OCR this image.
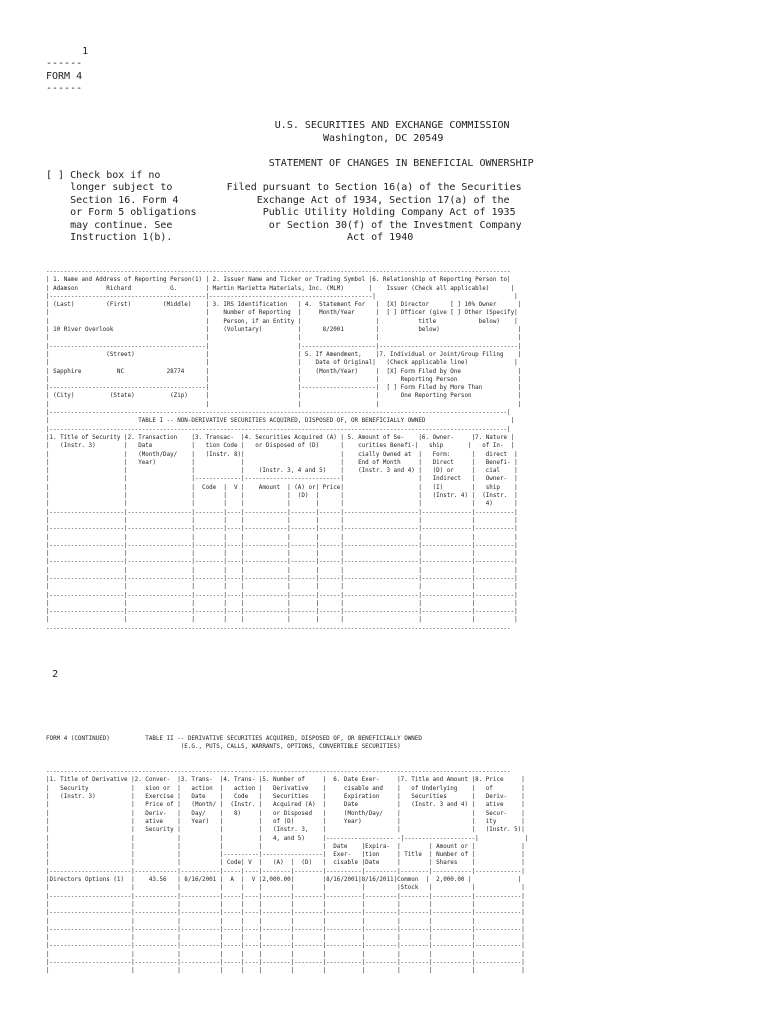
1
------
FORM 4
------

U.S. SECURITIES AND EXCHANGE COMMISSION
Washington, DC 20549

STATEMENT OF CHANGES IN BENEFICIAL OWNERSHIP
[ ] Check box if no
longer subject to         Filed pursuant to Section 16(a) of the Securities
Section 16. Form 4             Exchange Act of 1934, Section 17(a) of the
or Form 5 obligations           Public Utility Holding Company Act of 1935
may continue. See                or Section 30(f) of the Investment Company
Instruction 1(b).                             Act of 1940
-----------------------------------------------------------------------------------------------------------------------------------
| 1. Name and Address of Reporting Person(1) | 2. Issuer Name and Ticker or Trading Symbol |6. Relationship of Reporting Person to|
| Adamson        Richard           G.        | Martin Marietta Materials, Inc. (MLM)       |    Issuer (Check all applicable)      |
|--------------------------------------------|----------------------------------------------|                                       |
| (Last)         (First)         (Middle)    | 3. IRS Identification   | 4.  Statement For   |  [X] Director      [ ] 10% Owner      |
|                                            |    Number of Reporting  |     Month/Year      |  [ ] Officer (give [ ] Other (Specify|
|                                            |    Person, if an Entity |                     |           title            below)    |
| 10 River Overlook                          |    (Voluntary)          |      8/2001         |           below)                      |
|                                            |                         |                     |                                       |
|--------------------------------------------|                         |---------------------|---------------------------------------|
|                (Street)                    |                         | 5. If Amendment,    |7. Individual or Joint/Group Filing    |
|                                            |                         |    Date of Original|   (Check applicable line)             |
| Sapphire          NC            28774      |                         |    (Month/Year)     |  [X] Form Filed by One                |
|                                            |                         |                     |      Reporting Person                 |
|--------------------------------------------|                         |---------------------|  [ ] Form Filed by More Than          |
| (City)          (State)          (Zip)     |                         |                     |      One Reporting Person             |
|                                            |                         |                     |                                       |
|---------------------------------------------------------------------------------------------------------------------------------|
|                         TABLE I -- NON-DERIVATIVE SECURITIES ACQUIRED, DISPOSED OF, OR BENEFICIALLY OWNED                        |
|---------------------------------------------------------------------------------------------------------------------------------|
|1. Title of Security |2. Transaction    |3. Transac-  |4. Securities Acquired (A) | 5. Amount of Se-    |6. Owner-     |7. Nature |
|   (Instr. 3)        |   Date           |   tion Code |   or Disposed of (D)      |    curities Benefi-|   ship       |   of In-  |
|                     |   (Month/Day/    |   (Instr. 8)|                           |    cially Owned at  |   Form:      |   direct  |
|                     |   Year)          |             |                           |    End of Month     |   Direct     |   Benefi- |
|                     |                  |             |    (Instr. 3, 4 and 5)    |    (Instr. 3 and 4) |   (D) or     |   cial    |
|                     |                  |-------------|---------------------------|                     |   Indirect   |   Owner-  |
|                     |                  |  Code  |  V |    Amount  | (A) or| Price|                     |   (I)        |   ship    |
|                     |                  |        |    |            |  (D)  |      |                     |   (Instr. 4) |  (Instr.  |
|                     |                  |        |    |            |       |      |                     |              |   4)      |
|---------------------|------------------|--------|----|------------|-------|------|---------------------|--------------|-----------|
|                     |                  |        |    |            |       |      |                     |              |           |
|---------------------|------------------|--------|----|------------|-------|------|---------------------|--------------|-----------|
|                     |                  |        |    |            |       |      |                     |              |           |
|---------------------|------------------|--------|----|------------|-------|------|---------------------|--------------|-----------|
|                     |                  |        |    |            |       |      |                     |              |           |
|---------------------|------------------|--------|----|------------|-------|------|---------------------|--------------|-----------|
|                     |                  |        |    |            |       |      |                     |              |           |
|---------------------|------------------|--------|----|------------|-------|------|---------------------|--------------|-----------|
|                     |                  |        |    |            |       |      |                     |              |           |
|---------------------|------------------|--------|----|------------|-------|------|---------------------|--------------|-----------|
|                     |                  |        |    |            |       |      |                     |              |           |
|---------------------|------------------|--------|----|------------|-------|------|---------------------|--------------|-----------|
|                     |                  |        |    |            |       |      |                     |              |           |
-----------------------------------------------------------------------------------------------------------------------------------
2
FORM 4 (CONTINUED)          TABLE II -- DERIVATIVE SECURITIES ACQUIRED, DISPOSED OF, OR BENEFICIALLY OWNED
(E.G., PUTS, CALLS, WARRANTS, OPTIONS, CONVERTIBLE SECURITIES)

-----------------------------------------------------------------------------------------------------------------------------------
|1. Title of Derivative |2. Conver-  |3. Trans-  |4. Trans- |5. Number of     |  6. Date Exer-     |7. Title and Amount |8. Price     |
|   Security            |   sion or  |   action  |   action |   Derivative    |     cisable and    |   of Underlying    |   of        |
|   (Instr. 3)          |   Exercise |   Date    |   Code   |   Securities    |     Expiration     |   Securities       |   Deriv-    |
|                       |   Price of |   (Month/ |  (Instr. |   Acquired (A)  |     Date           |   (Instr. 3 and 4) |   ative     |
|                       |   Deriv-   |   Day/    |   8)     |   or Disposed   |     (Month/Day/    |                    |   Secur-    |
|                       |   ative    |   Year)   |          |   of (D)        |     Year)          |                    |   ity       |
|                       |   Security |           |          |   (Instr. 3,    |                    |                    |   (Instr. 5)|
|                       |            |           |          |   4, and 5)     |------------------- -|--------------------|             |
|                       |            |           |          |                 |  Date    |Expira-  |        | Amount or |             |
|                       |            |           |----------|-----------------|  Exer-   |tion     | Title  | Number of |             |
|                       |            |           | Code| V  |   (A)  |  (D)   |  cisable |Date     |        | Shares    |             |
|-----------------------|------------|-----------|-----|----|--------|--------|----------|---------|--------|-----------|-------------|
|Directors Options (1)  |    43.56   | 8/16/2001 |  A  |  V |2,000.00|        |8/16/2001|8/16/2011|Common  |  2,000.00 |             |
|                       |            |           |     |    |        |        |          |         |Stock   |           |             |
|-----------------------|------------|-----------|-----|----|--------|--------|----------|---------|--------|-----------|-------------|
|                       |            |           |     |    |        |        |          |         |        |           |             |
|-----------------------|------------|-----------|-----|----|--------|--------|----------|---------|--------|-----------|-------------|
|                       |            |           |     |    |        |        |          |         |        |           |             |
|-----------------------|------------|-----------|-----|----|--------|--------|----------|---------|--------|-----------|-------------|
|                       |            |           |     |    |        |        |          |         |        |           |             |
|-----------------------|------------|-----------|-----|----|--------|--------|----------|---------|--------|-----------|-------------|
|                       |            |           |     |    |        |        |          |         |        |           |             |
|-----------------------|------------|-----------|-----|----|--------|--------|----------|---------|--------|-----------|-------------|
|                       |            |           |     |    |        |        |          |         |        |           |             |
